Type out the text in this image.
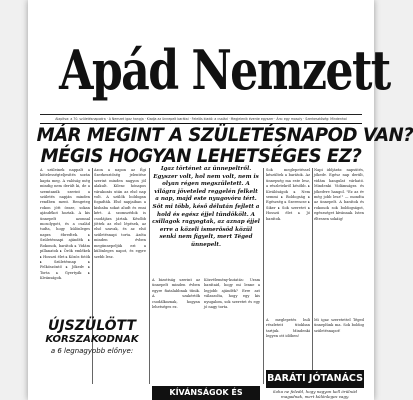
Apád Nemzett
Alapítva: a 70. születésnapodra · A Nemzet igaz hangja · Kiadja az ünnepelt barátai · Felelős kiadó: a család · Megjelenik évente egyszer · Ára: egy mosoly · Szerkesztőség: Mindenhol
MÁR MEGINT A SZÜLETÉSNAPOD VAN?
MÉGIS HOGYAN LEHETSÉGES EZ?
A szüleinek nappalt a kötelességteljesítés során kapta meg. A valóság még mindig nem derült ki, de a szemtanúk szerint a születés napján minden rendben ment. Rengeteg rokon jött össze, sokan ajándékot hoztak. A kis ünnepelt azonnal mosolygott, és a család tudta, hogy különleges napra ébredtek. ▸ Születésnapi ajándék ▸ Rokonok, barátok ▸ Vidám pillanatok ▸ Örök emlékek ▸ Hosszú élet ▸ Közös fotók ▸ Születésnap ▸ Felköszöntő ▸ Jókedv ▸ Torta ▸ Gyertyák ▸ Kívánságok.
Azon a napon az Égi Szerkesztőség jelentése szerint minden nagyon jól alakult. Kilenc hónapos várakozás után az első nap volt. A szülők boldogan fogadták. Első napjaiban a kisbaba sokat aludt és enni kért. A szomszédok is csodájára jártak. Később jöttek az első lépések, az első szavak, és az első születésnapi torta. Azóta minden évben megünnepeljük ezt a különleges napot, és egyre szebb lesz.
Igaz történet az ünnepeltről. Egyszer volt, hol nem volt, nem is olyan régen megszületett. A világra jöveteled reggelén felkelt a nap, majd este nyugovóra tért. Sőt mi több, késő délután fejlett a hold és egész éjjel tündökölt. A csillagok ragyogtak, az aznap éjjel erre a közeli ismerősöd közül senki nem figyelt, mert Téged ünnepelt.
A bizottság szerint az ünnepelt minden évben egyre fiatalabbnak tűnik. A szakértők csodálkoznak, hogyan lehetséges ez.
Közvélemény-kutatás: Uram barátaid, hogy mi lenne a legjobb ajándék? Erre azt válaszolta, hogy egy kis nyugalom, sok szeretet és egy jó nagy torta.
Sok meglepetéssel készültek a barátok. Az ünnepség ma este lesz, a részletekről később. ▸ Kiválóságok ▸ Nem semmi ▸ Boldogság ▸ Egészség ▸ Szerencse ▸ Siker ▸ Sok szeretet ▸ Hosszú élet ▸ Jó barátok.
Napi időjárás: napsütés, jókedv. Egész nap derült, vidám hangulat várható. Mindenki Vidámságra és jókedvre hangol. "Ez az év még jobb lesz!" — mondta az ünnepelt. A barátok és rokonok sok boldogságot, egészséget kívánnak. Isten éltessen sokáig!
ÚJSZÜLÖTT
KORSZAKODNAK
a 6 legnagyobb előnye:
A meglepetés buli részleteit titokban tartjuk. Mindenki legyen ott időben!
Mi igaz szeretettel Téged ünneplünk ma. Sok boldog születésnapot!
KÍVÁNSÁGOK ÉS
BARÁTI JÓTANÁCS
Soha ne feledd, hogy nagyon kell örülnöd magadnak, mert különleges vagy.
